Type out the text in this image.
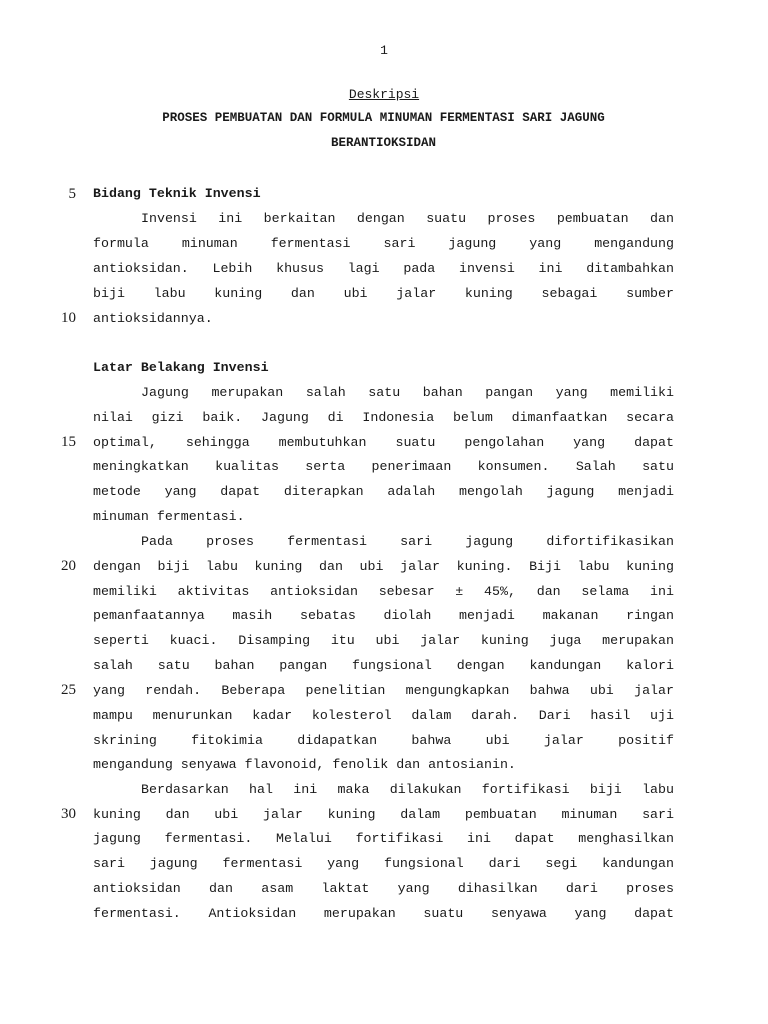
1
Deskripsi
PROSES PEMBUATAN DAN FORMULA MINUMAN FERMENTASI SARI JAGUNG
BERANTIOKSIDAN
5
10
15
20
25
30
Bidang Teknik Invensi
Invensi ini berkaitan dengan suatu proses pembuatan dan
formula minuman fermentasi sari jagung yang mengandung
antioksidan. Lebih khusus lagi pada invensi ini ditambahkan
biji labu kuning dan ubi jalar kuning sebagai sumber
antioksidannya.
Latar Belakang Invensi
Jagung merupakan salah satu bahan pangan yang memiliki
nilai gizi baik. Jagung di Indonesia belum dimanfaatkan secara
optimal, sehingga membutuhkan suatu pengolahan yang dapat
meningkatkan kualitas serta penerimaan konsumen. Salah satu
metode yang dapat diterapkan adalah mengolah jagung menjadi
minuman fermentasi.
Pada proses fermentasi sari jagung difortifikasikan
dengan biji labu kuning dan ubi jalar kuning. Biji labu kuning
memiliki aktivitas antioksidan sebesar ± 45%, dan selama ini
pemanfaatannya masih sebatas diolah menjadi makanan ringan
seperti kuaci. Disamping itu ubi jalar kuning juga merupakan
salah satu bahan pangan fungsional dengan kandungan kalori
yang rendah. Beberapa penelitian mengungkapkan bahwa ubi jalar
mampu menurunkan kadar kolesterol dalam darah. Dari hasil uji
skrining fitokimia didapatkan bahwa ubi jalar positif
mengandung senyawa flavonoid, fenolik dan antosianin.
Berdasarkan hal ini maka dilakukan fortifikasi biji labu
kuning dan ubi jalar kuning dalam pembuatan minuman sari
jagung fermentasi. Melalui fortifikasi ini dapat menghasilkan
sari jagung fermentasi yang fungsional dari segi kandungan
antioksidan dan asam laktat yang dihasilkan dari proses
fermentasi. Antioksidan merupakan suatu senyawa yang dapat
